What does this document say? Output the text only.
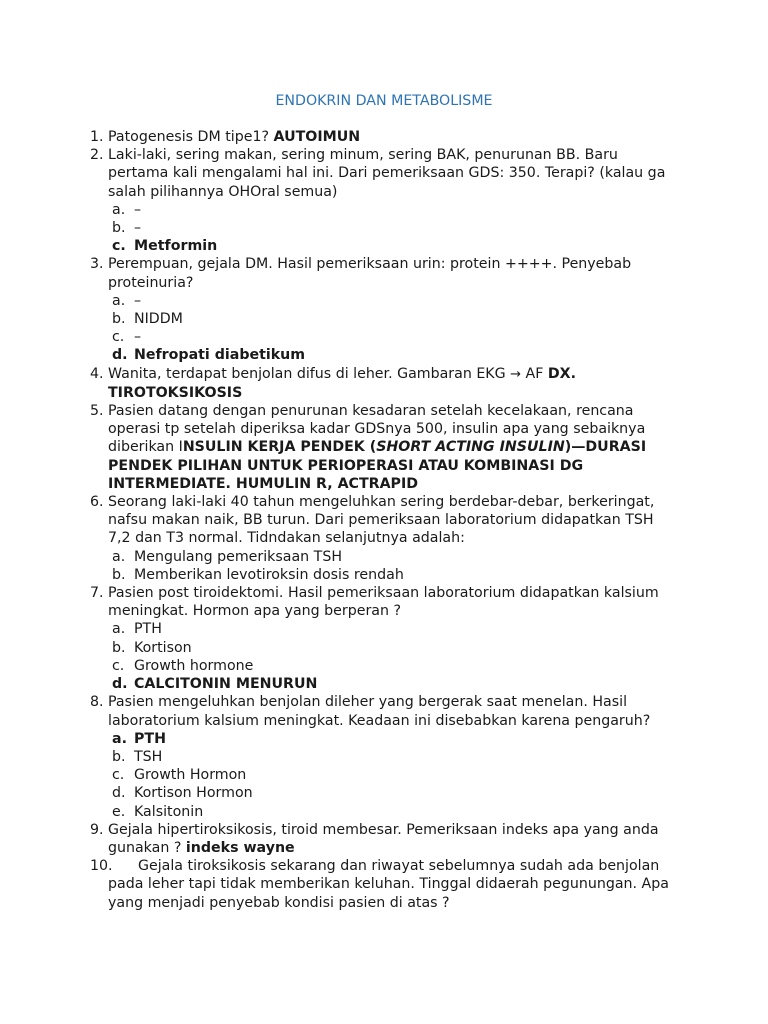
ENDOKRIN DAN METABOLISME
1. Patogenesis DM tipe1? AUTOIMUN
2. Laki-laki, sering makan, sering minum, sering BAK, penurunan BB. Baru pertama kali mengalami hal ini. Dari pemeriksaan GDS: 350. Terapi? (kalau ga salah pilihannya OHOral semua)
a. –
b. –
c. Metformin
3. Perempuan, gejala DM. Hasil pemeriksaan urin: protein ++++. Penyebab proteinuria?
a. –
b. NIDDM
c. –
d. Nefropati diabetikum
4. Wanita, terdapat benjolan difus di leher. Gambaran EKG → AF DX. TIROTOKSIKOSIS
5. Pasien datang dengan penurunan kesadaran setelah kecelakaan, rencana operasi tp setelah diperiksa kadar GDSnya 500, insulin apa yang sebaiknya diberikan INSULIN KERJA PENDEK (SHORT ACTING INSULIN)—DURASI PENDEK PILIHAN UNTUK PERIOPERASI ATAU KOMBINASI DG INTERMEDIATE. HUMULIN R, ACTRAPID
6. Seorang laki-laki 40 tahun mengeluhkan sering berdebar-debar, berkeringat, nafsu makan naik, BB turun. Dari pemeriksaan laboratorium didapatkan TSH 7,2 dan T3 normal. Tidndakan selanjutnya adalah:
a. Mengulang pemeriksaan TSH
b. Memberikan levotiroksin dosis rendah
7. Pasien post tiroidektomi. Hasil pemeriksaan laboratorium didapatkan kalsium meningkat. Hormon apa yang berperan ?
a. PTH
b. Kortison
c. Growth hormone
d. CALCITONIN MENURUN
8. Pasien mengeluhkan benjolan dileher yang bergerak saat menelan. Hasil laboratorium kalsium meningkat. Keadaan ini disebabkan karena pengaruh?
a. PTH
b. TSH
c. Growth Hormon
d. Kortison Hormon
e. Kalsitonin
9. Gejala hipertiroksikosis, tiroid membesar. Pemeriksaan indeks apa yang anda gunakan ? indeks wayne
10.	Gejala tiroksikosis sekarang dan riwayat sebelumnya sudah ada benjolan pada leher tapi tidak memberikan keluhan. Tinggal didaerah pegunungan. Apa yang menjadi penyebab kondisi pasien di atas ?
